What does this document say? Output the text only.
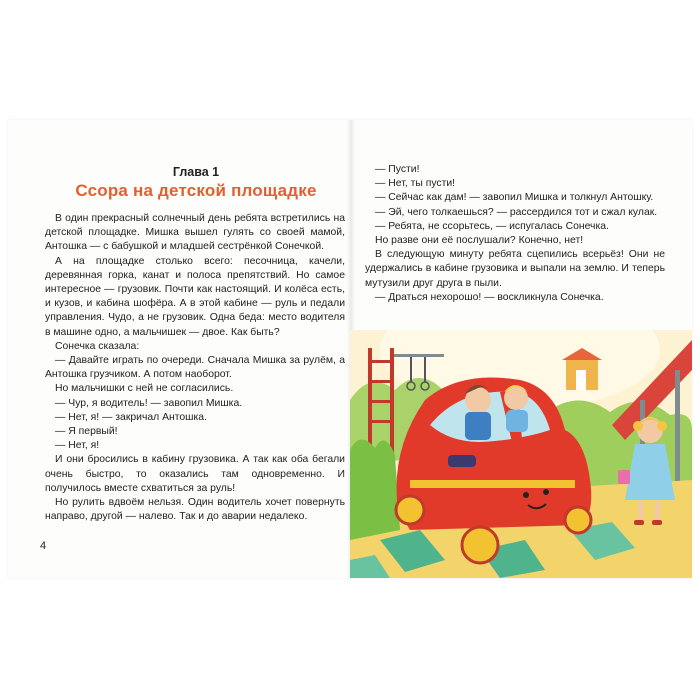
Глава 1
Ссора на детской площадке

В один прекрасный солнечный день ребята встретились на детской площадке. Мишка вышел гулять со своей мамой, Антошка — с бабушкой и младшей сестрёнкой Сонечкой.

А на площадке столько всего: песочница, качели, деревянная горка, канат и полоса препятствий. Но самое интересное — грузовик. Почти как настоящий. И колёса есть, и кузов, и кабина шофёра. А в этой кабине — руль и педали управления. Чудо, а не грузовик. Одна беда: место водителя в машине одно, а мальчишек — двое. Как быть?

Сонечка сказала:

— Давайте играть по очереди. Сначала Мишка за рулём, а Антошка грузчиком. А потом наоборот.

Но мальчишки с ней не согласились.

— Чур, я водитель! — завопил Мишка.

— Нет, я! — закричал Антошка.

— Я первый!

— Нет, я!

И они бросились в кабину грузовика. А так как оба бегали очень быстро, то оказались там одновременно. И получилось вместе схватиться за руль!

Но рулить вдвоём нельзя. Один водитель хочет повернуть направо, другой — налево. Так и до аварии недалеко.

4

— Пусти!

— Нет, ты пусти!

— Сейчас как дам! — завопил Мишка и толкнул Антошку.

— Эй, чего толкаешься? — рассердился тот и сжал кулак.

— Ребята, не ссорьтесь, — испугалась Сонечка.

Но разве они её послушали? Конечно, нет!

В следующую минуту ребята сцепились всерьёз! Они не удержались в кабине грузовика и выпали на землю. И теперь мутузили друг друга в пыли.

— Драться нехорошо! — воскликнула Сонечка.
